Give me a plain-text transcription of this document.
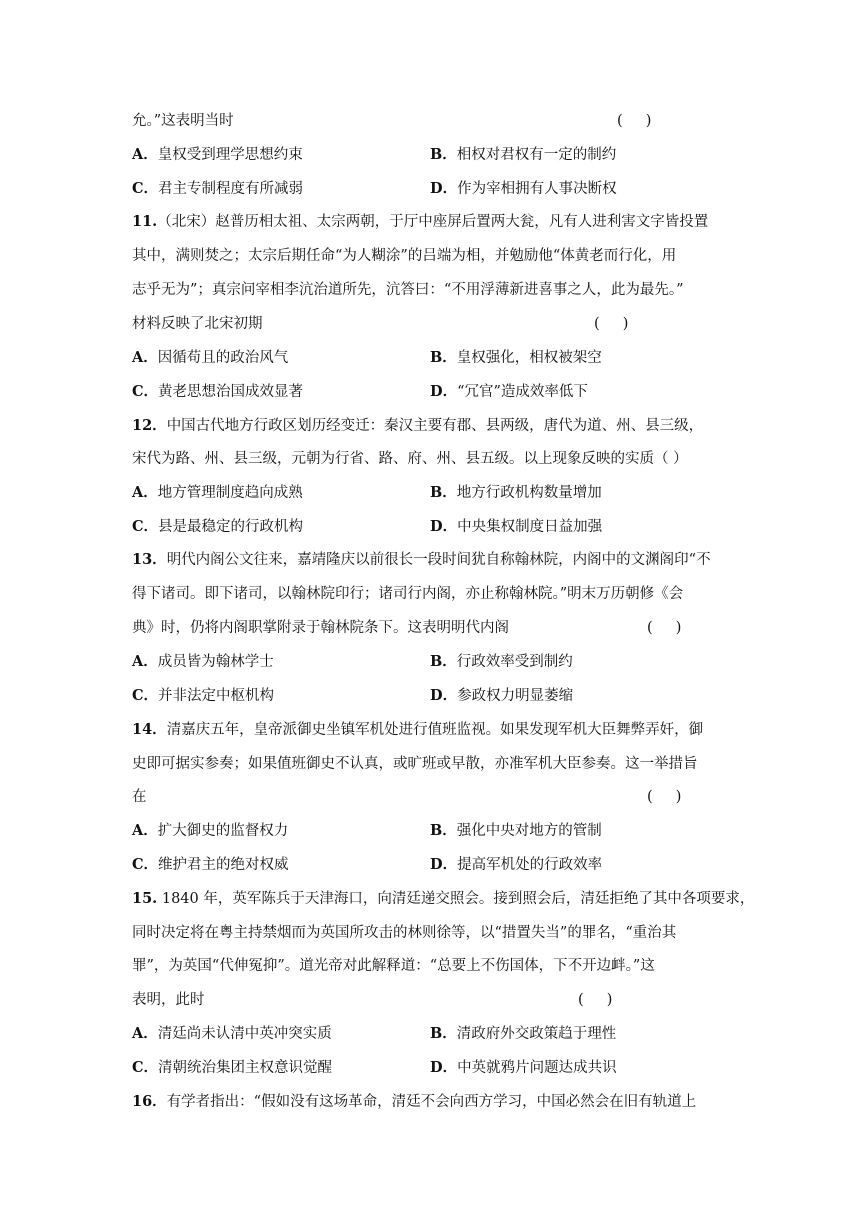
允。”这表明当时	(     )
A．皇权受到理学思想约束	B．相权对君权有一定的制约
C．君主专制程度有所减弱	D．作为宰相拥有人事决断权
11.（北宋）赵普历相太祖、太宗两朝，于厅中座屏后置两大瓮，凡有人进利害文字皆投置
其中，满则焚之；太宗后期任命“为人糊涂”的吕端为相，并勉励他“体黄老而行化，用
志乎无为”；真宗问宰相李沆治道所先，沆答曰：“不用浮薄新进喜事之人，此为最先。”
材料反映了北宋初期	(     )
A．因循苟且的政治风气	B．皇权强化，相权被架空
C．黄老思想治国成效显著	D．“冗官”造成效率低下
12．中国古代地方行政区划历经变迁：秦汉主要有郡、县两级，唐代为道、州、县三级，
宋代为路、州、县三级，元朝为行省、路、府、州、县五级。以上现象反映的实质（ ）
A．地方管理制度趋向成熟	B．地方行政机构数量增加
C．县是最稳定的行政机构	D．中央集权制度日益加强
13．明代内阁公文往来，嘉靖隆庆以前很长一段时间犹自称翰林院，内阁中的文渊阁印“不
得下诸司。即下诸司，以翰林院印行；诸司行内阁，亦止称翰林院。”明末万历朝修《会
典》时，仍将内阁职掌附录于翰林院条下。这表明明代内阁	(     )
A．成员皆为翰林学士	B．行政效率受到制约
C．并非法定中枢机构	D．参政权力明显萎缩
14．清嘉庆五年，皇帝派御史坐镇军机处进行值班监视。如果发现军机大臣舞弊弄奸，御
史即可据实参奏；如果值班御史不认真，或旷班或早散，亦准军机大臣参奏。这一举措旨
在	(     )
A．扩大御史的监督权力	B．强化中央对地方的管制
C．维护君主的绝对权威	D．提高军机处的行政效率
15. 1840 年，英军陈兵于天津海口，向清廷递交照会。接到照会后，清廷拒绝了其中各项要求，
同时决定将在粤主持禁烟而为英国所攻击的林则徐等，以“措置失当”的罪名，“重治其
罪”，为英国“代伸冤抑”。道光帝对此解释道：“总要上不伤国体，下不开边衅。”这
表明，此时	(     )
A．清廷尚未认清中英冲突实质	B．清政府外交政策趋于理性
C．清朝统治集团主权意识觉醒	D．中英就鸦片问题达成共识
16．有学者指出：“假如没有这场革命，清廷不会向西方学习，中国必然会在旧有轨道上
